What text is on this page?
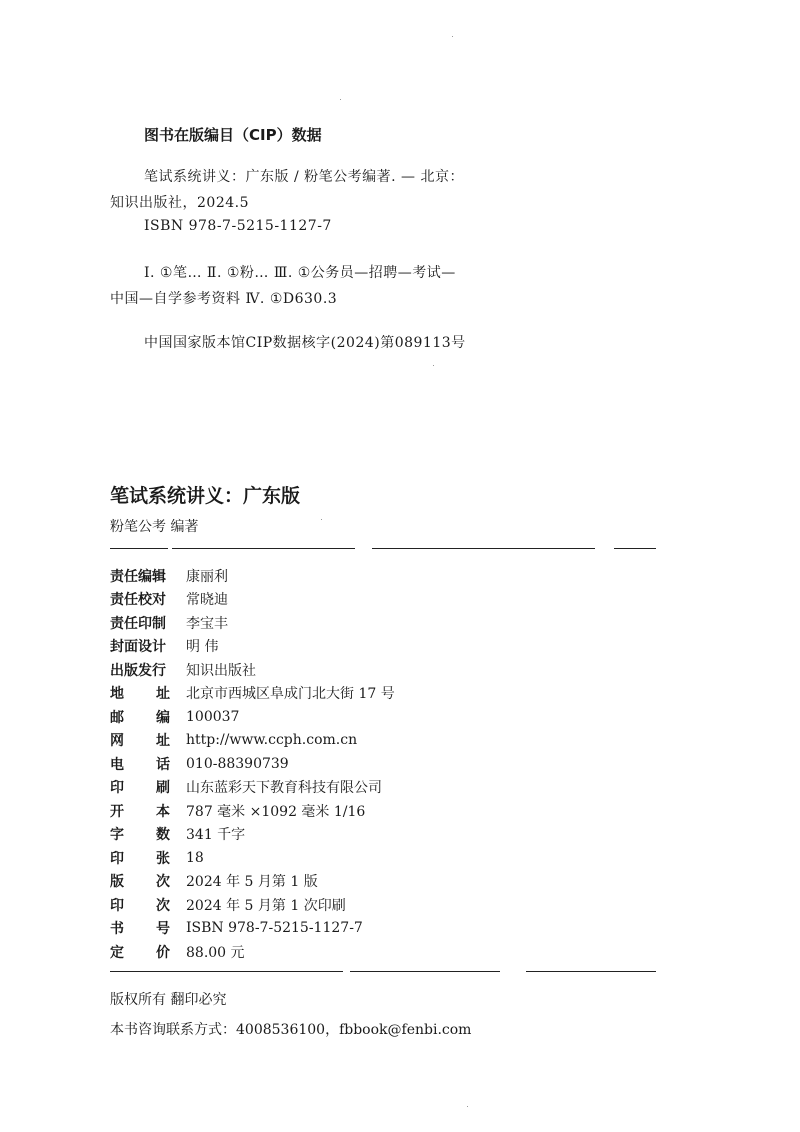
图书在版编目（CIP）数据
笔试系统讲义：广东版 / 粉笔公考编著. — 北京：
知识出版社，2024.5
ISBN 978-7-5215-1127-7
Ⅰ. ①笔… Ⅱ. ①粉… Ⅲ. ①公务员—招聘—考试—
中国—自学参考资料 Ⅳ. ①D630.3
中国国家版本馆CIP数据核字(2024)第089113号
笔试系统讲义：广东版
粉笔公考 编著
责任编辑 康丽利
责任校对 常晓迪
责任印制 李宝丰
封面设计 明 伟
出版发行 知识出版社
地 址 北京市西城区阜成门北大街 17 号
邮 编 100037
网 址 http://www.ccph.com.cn
电 话 010-88390739
印 刷 山东蓝彩天下教育科技有限公司
开 本 787 毫米 ×1092 毫米 1/16
字 数 341 千字
印 张 18
版 次 2024 年 5 月第 1 版
印 次 2024 年 5 月第 1 次印刷
书 号 ISBN 978-7-5215-1127-7
定 价 88.00 元
版权所有 翻印必究
本书咨询联系方式：4008536100，fbbook@fenbi.com
